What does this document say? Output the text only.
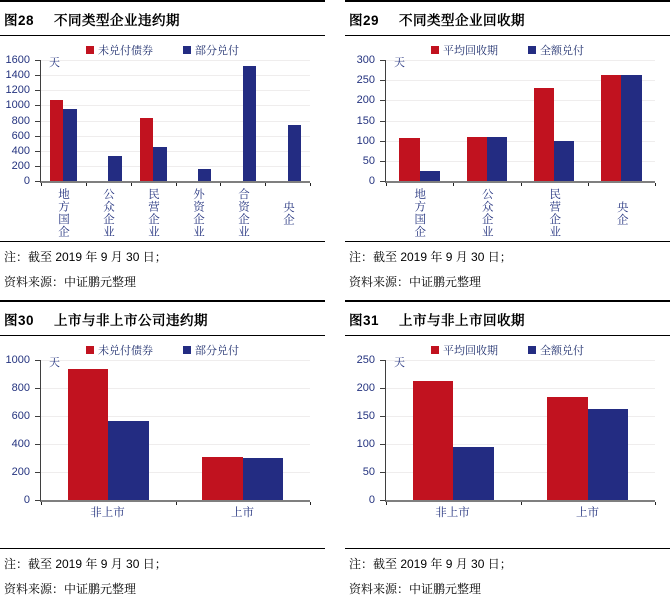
图28 不同类型企业违约期
未兑付债券	部分兑付
0
200
400
600
800
1000
1200
1400
1600 天
地方国企	公众企业	民营企业	外资企业	合资企业	央企
注：截至 2019 年 9 月 30 日；
资料来源：中证鹏元整理
图29 不同类型企业回收期
平均回收期	全额兑付
0
50
100
150
200
250
300 天
地方国企	公众企业	民营企业	央企
注：截至 2019 年 9 月 30 日；
资料来源：中证鹏元整理
图30 上市与非上市公司违约期
未兑付债券	部分兑付
0
200
400
600
800
1000 天
非上市	上市
注：截至 2019 年 9 月 30 日；
资料来源：中证鹏元整理
图31 上市与非上市回收期
平均回收期	全额兑付
0
50
100
150
200
250 天
非上市	上市
注：截至 2019 年 9 月 30 日；
资料来源：中证鹏元整理
